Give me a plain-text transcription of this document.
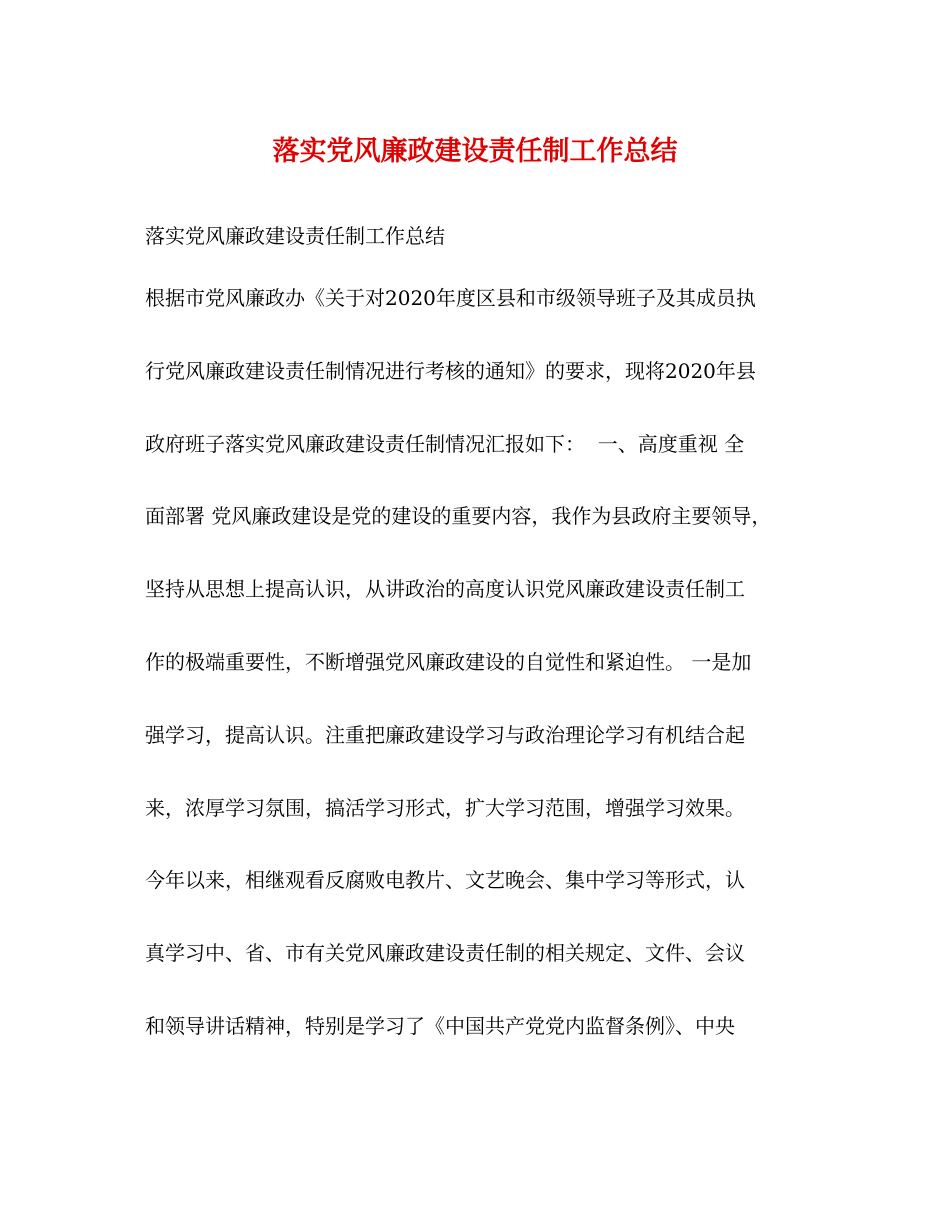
落实党风廉政建设责任制工作总结
落实党风廉政建设责任制工作总结
根据市党风廉政办《关于对2020年度区县和市级领导班子及其成员执
行党风廉政建设责任制情况进行考核的通知》的要求，现将2020年县
政府班子落实党风廉政建设责任制情况汇报如下：  一、高度重视 全
面部署 党风廉政建设是党的建设的重要内容，我作为县政府主要领导，
坚持从思想上提高认识，从讲政治的高度认识党风廉政建设责任制工
作的极端重要性，不断增强党风廉政建设的自觉性和紧迫性。 一是加
强学习，提高认识。注重把廉政建设学习与政治理论学习有机结合起
来，浓厚学习氛围，搞活学习形式，扩大学习范围，增强学习效果。
今年以来，相继观看反腐败电教片、文艺晚会、集中学习等形式，认
真学习中、省、市有关党风廉政建设责任制的相关规定、文件、会议
和领导讲话精神，特别是学习了《中国共产党党内监督条例》、中央
